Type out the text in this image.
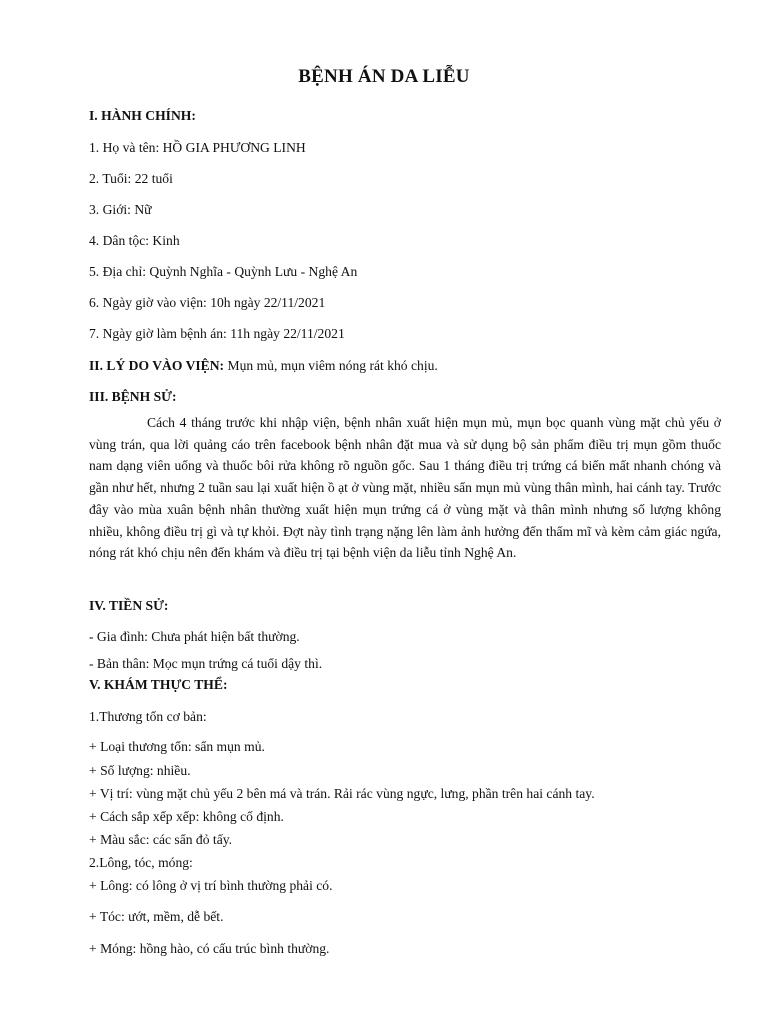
BỆNH ÁN DA LIỄU
I. HÀNH CHÍNH:
1. Họ và tên: HỒ GIA PHƯƠNG LINH
2. Tuổi: 22 tuổi
3. Giới: Nữ
4. Dân tộc: Kinh
5. Địa chỉ: Quỳnh Nghĩa - Quỳnh Lưu - Nghệ An
6. Ngày giờ vào viện: 10h ngày 22/11/2021
7. Ngày giờ làm bệnh án: 11h ngày 22/11/2021
II. LÝ DO VÀO VIỆN: Mụn mủ, mụn viêm nóng rát khó chịu.
III. BỆNH SỬ:
Cách 4 tháng trước khi nhập viện, bệnh nhân xuất hiện mụn mủ, mụn bọc quanh vùng mặt chủ yếu ở vùng trán, qua lời quảng cáo trên facebook bệnh nhân đặt mua và sử dụng bộ sản phẩm điều trị mụn gồm thuốc nam dạng viên uống và thuốc bôi rửa không rõ nguồn gốc. Sau 1 tháng điều trị trứng cá biến mất nhanh chóng và gần như hết, nhưng 2 tuần sau lại xuất hiện ồ ạt ở vùng mặt, nhiều sẩn mụn mủ vùng thân mình, hai cánh tay. Trước đây vào mùa xuân bệnh nhân thường xuất hiện mụn trứng cá ở vùng mặt và thân mình nhưng số lượng không nhiều, không điều trị gì và tự khỏi. Đợt này tình trạng nặng lên làm ảnh hưởng đến thẩm mĩ và kèm cảm giác ngứa, nóng rát khó chịu nên đến khám và điều trị tại bệnh viện da liễu tỉnh Nghệ An.
IV. TIỀN SỬ:
- Gia đình: Chưa phát hiện bất thường.
- Bản thân: Mọc mụn trứng cá tuổi dậy thì.
V. KHÁM THỰC THỂ:
1.Thương tổn cơ bản:
+ Loại thương tổn: sẩn mụn mủ.
+ Số lượng: nhiều.
+ Vị trí: vùng mặt chủ yếu 2 bên má và trán. Rải rác vùng ngực, lưng, phần trên hai cánh tay.
+ Cách sắp xếp xếp: không cố định.
+ Màu sắc: các sẩn đỏ tấy.
2.Lông, tóc, móng:
+ Lông: có lông ở vị trí bình thường phải có.
+ Tóc: ướt, mềm, dễ bết.
+ Móng: hồng hào, có cấu trúc bình thường.
